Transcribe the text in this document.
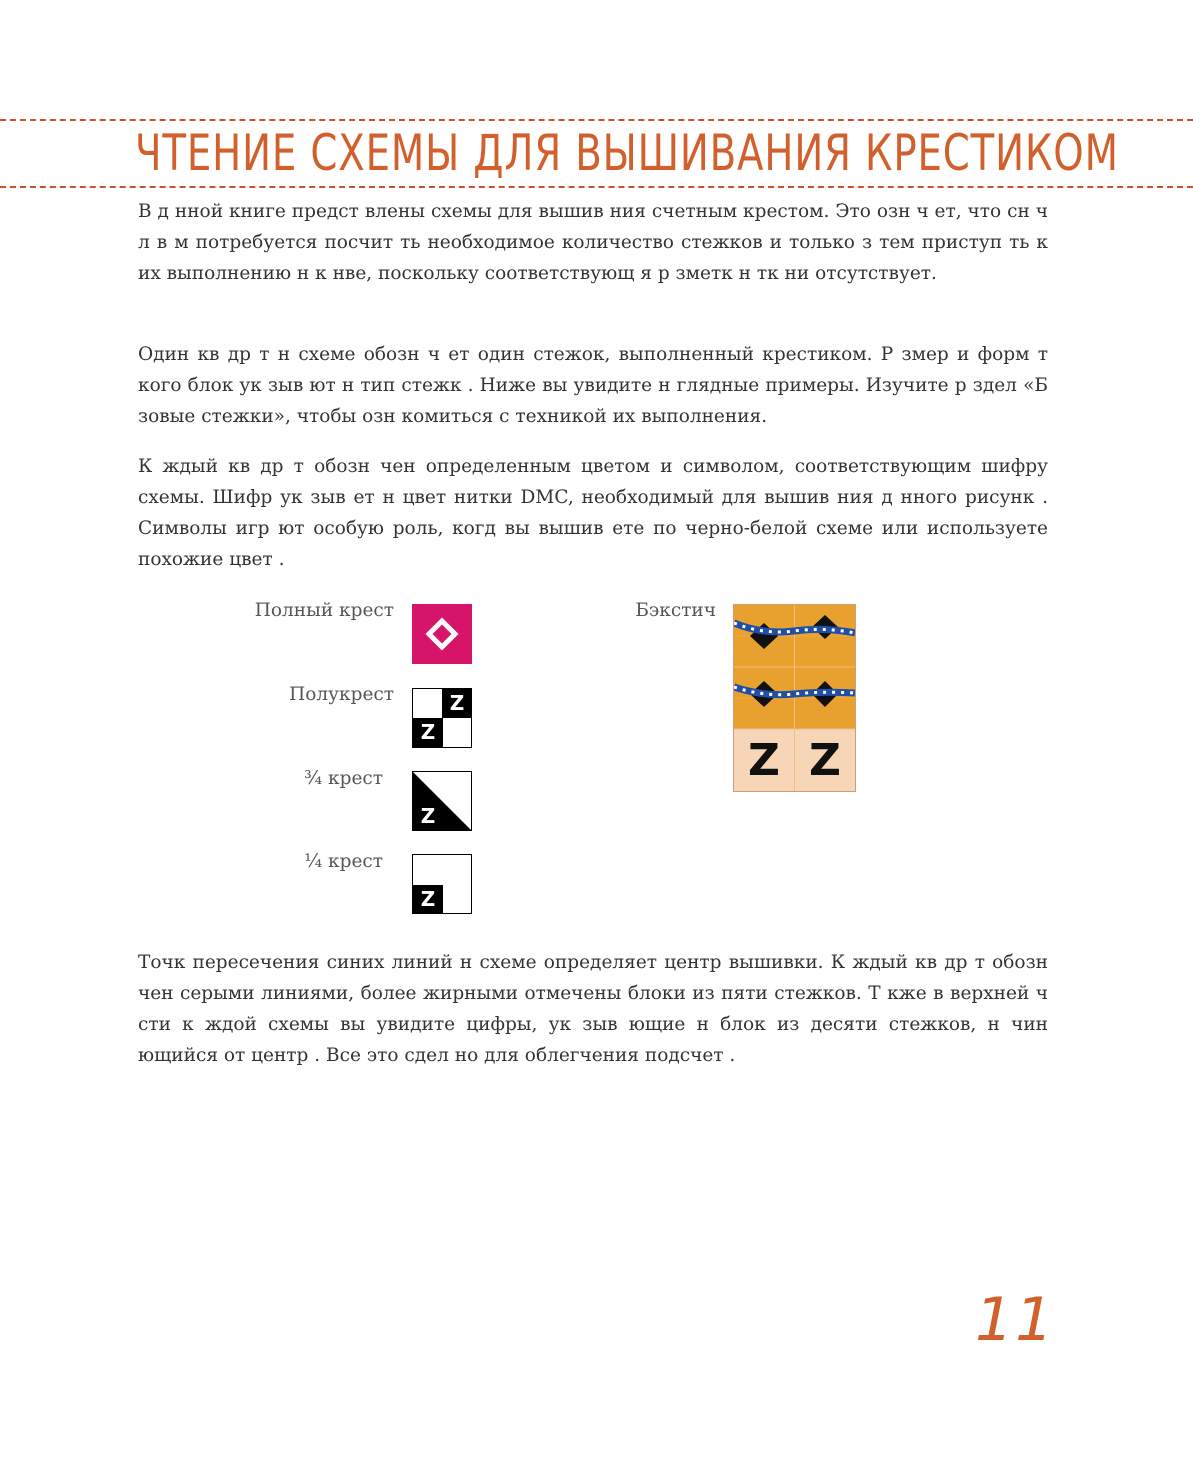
ЧТЕНИЕ СХЕМЫ ДЛЯ ВЫШИВАНИЯ КРЕСТИКОМ

В д нной книге предст влены схемы для вышив ния счетным крестом. Это озн ч ет, что сн ч л в м потребуется посчит ть необходимое количество стежков и только з тем приступ ть к их выполнению н к нве, поскольку соответствующ я р зметк н тк ни отсутствует.

Один кв др т н схеме обозн ч ет один стежок, выполненный крестиком. Р змер и форм т кого блок ук зыв ют н тип стежк . Ниже вы увидите н глядные примеры. Изучите р здел «Б зовые стежки», чтобы озн комиться с техникой их выполнения.

К ждый кв др т обозн чен определенным цветом и символом, соответствующим шифру схемы. Шифр ук зыв ет н цвет нитки DMC, необходимый для вышив ния д нного рисунк . Символы игр ют особую роль, когд вы вышив ете по черно-белой схеме или используете похожие цвет .

Полный крест
Полукрест	Z
Z
¾ крест
Z
¼ крест
Z
Бэкстич
Z Z

Точк пересечения синих линий н схеме определяет центр вышивки. К ждый кв др т обозн чен серыми линиями, более жирными отмечены блоки из пяти стежков. Т кже в верхней ч сти к ждой схемы вы увидите цифры, ук зыв ющие н блок из десяти стежков, н чин ющийся от центр . Все это сдел но для облегчения подсчет .

11
